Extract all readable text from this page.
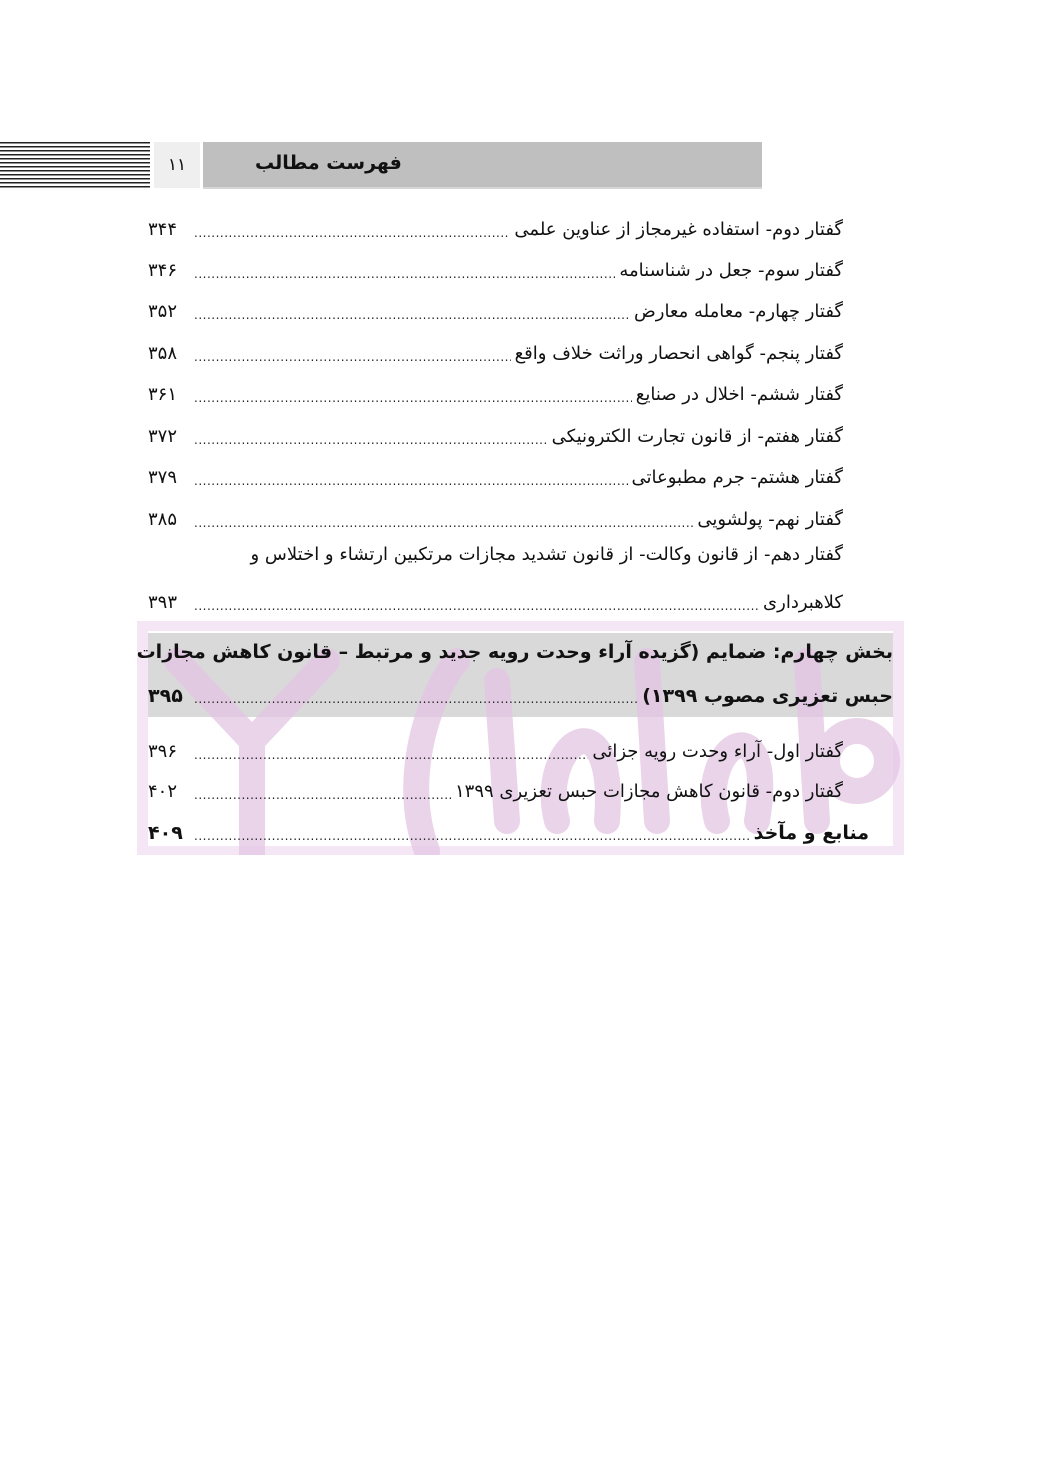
۱۱	فهرست مطالب
گفتار دوم- استفاده غیرمجاز از عناوین علمی
.....
۳۴۴
گفتار سوم- جعل در شناسنامه
.....
۳۴۶
گفتار چهارم- معامله معارض
.....
۳۵۲
گفتار پنجم- گواهی انحصار وراثت خلاف واقع
.....
۳۵۸
گفتار ششم- اخلال در صنایع
.....
۳۶۱
گفتار هفتم- از قانون تجارت الکترونیکی
.....
۳۷۲
گفتار هشتم- جرم مطبوعاتی
.....
۳۷۹
گفتار نهم- پولشویی
.....
۳۸۵
گفتار دهم- از قانون وکالت- از قانون تشدید مجازات مرتکبین ارتشاء و اختلاس و
کلاهبرداری
.....
۳۹۳
بخش چهارم: ضمایم (گزیده آراء وحدت رویه جدید و مرتبط – قانون کاهش مجازات
حبس تعزیری مصوب ۱۳۹۹)
.....
۳۹۵
گفتار اول- آراء وحدت رویه جزائی
.....
۳۹۶
گفتار دوم- قانون کاهش مجازات حبس تعزیری ۱۳۹۹
.....
۴۰۲
منابع و مآخذ
.....
۴۰۹
